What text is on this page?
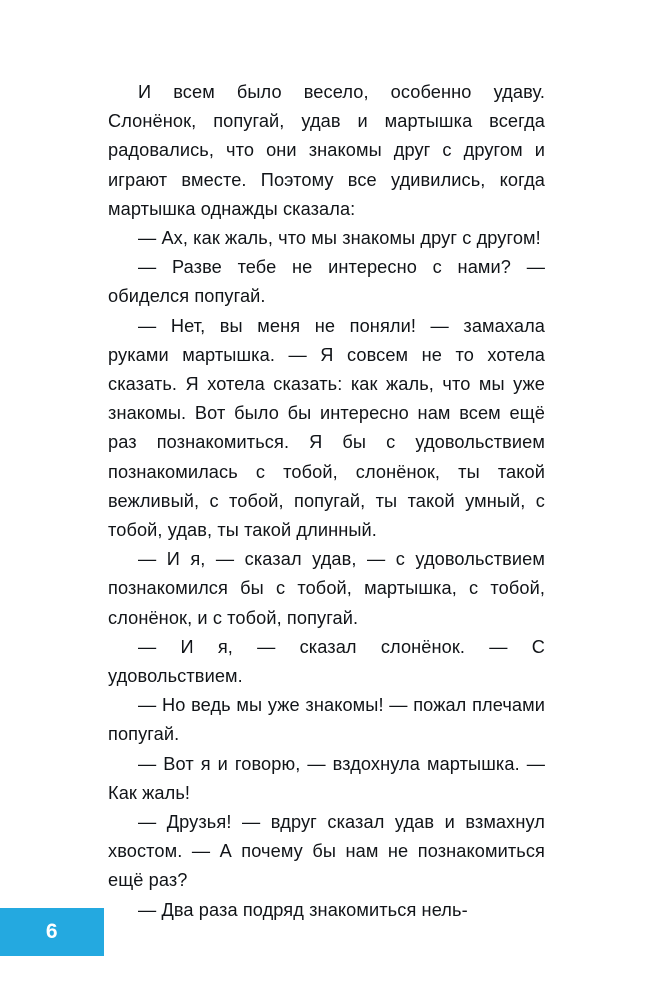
И всем было весело, особенно удаву. Слонёнок, попугай, удав и мартышка всегда радовались, что они знакомы друг с другом и играют вместе. Поэтому все удивились, когда мартышка однажды сказала:

— Ах, как жаль, что мы знакомы друг с другом!

— Разве тебе не интересно с нами? — обиделся попугай.

— Нет, вы меня не поняли! — замахала руками мартышка. — Я совсем не то хотела сказать. Я хотела сказать: как жаль, что мы уже знакомы. Вот было бы интересно нам всем ещё раз познакомиться. Я бы с удовольствием познакомилась с тобой, слонёнок, ты такой вежливый, с тобой, попугай, ты такой умный, с тобой, удав, ты такой длинный.

— И я, — сказал удав, — с удовольствием познакомился бы с тобой, мартышка, с тобой, слонёнок, и с тобой, попугай.

— И я, — сказал слонёнок. — С удовольствием.

— Но ведь мы уже знакомы! — пожал плечами попугай.

— Вот я и говорю, — вздохнула мартышка. — Как жаль!

— Друзья! — вдруг сказал удав и взмахнул хвостом. — А почему бы нам не познакомиться ещё раз?

— Два раза подряд знакомиться нель-

6
